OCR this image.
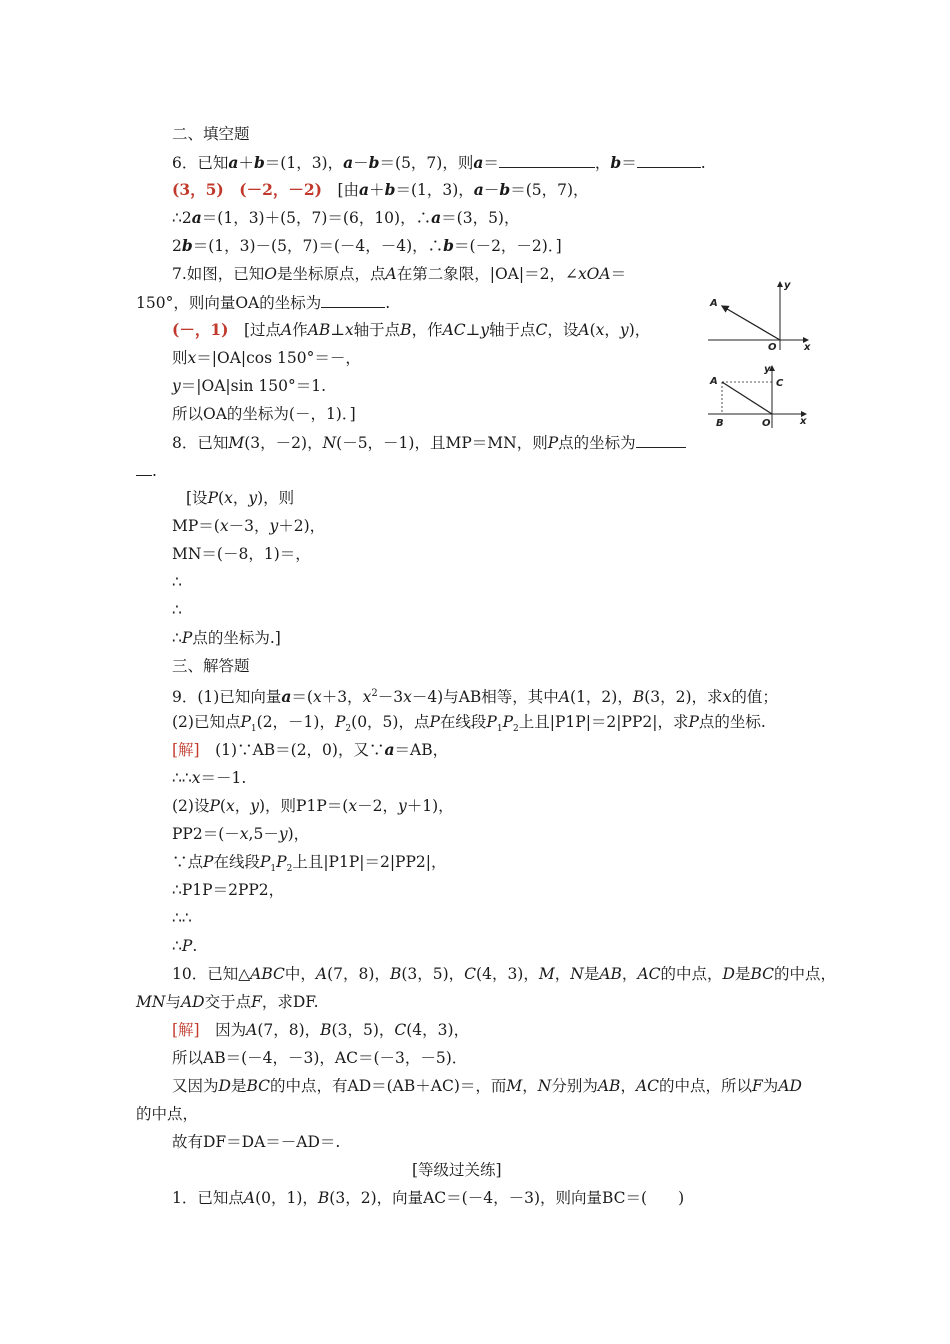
二、填空题
6．已知a＋b＝(1，3)，a－b＝(5，7)，则a＝	，b＝	.
(3，5)　(－2，－2)　[由a＋b＝(1，3)，a－b＝(5，7)，
∴2a＝(1，3)＋(5，7)＝(6，10)，∴a＝(3，5)，
2b＝(1，3)－(5，7)＝(－4，－4)，∴b＝(－2，－2)．]
7.如图，已知O是坐标原点，点A在第二象限，|OA|＝2，∠xOA＝
150°，则向量OA的坐标为	.
(－，1)　[过点A作AB⊥x轴于点B，作AC⊥y轴于点C，设A(x，y)，
则x＝|OA|cos 150°＝－，
y＝|OA|sin 150°＝1.
所以OA的坐标为(－，1)．]
8．已知M(3，－2)，N(－5，－1)，且MP＝MN，则P点的坐标为
.
[设P(x，y)，则
MP＝(x－3，y＋2)，
MN＝(－8，1)＝，
∴
∴
∴P点的坐标为.]
三、解答题
9．(1)已知向量a＝(x＋3，$x^2-3x-4$)与AB相等，其中A(1，2)，B(3，2)，求x的值；
(2)已知点$P_1(2$，－1)，$P_2(0$，5)，点P在线段$P_1P_2$上且|P1P|＝2|PP2|，求P点的坐标.
[解]　(1)∵AB＝(2，0)，又∵a＝AB，
∴∴x＝－1.
(2)设P(x，y)，则P1P＝(x－2，y＋1)，
PP2＝(－x,5－y)，
∵点P在线段$P_1P_2$上且|P1P|＝2|PP2|，
∴P1P＝2PP2，
∴∴
∴P.
10．已知△ABC中，A(7，8)，B(3，5)，C(4，3)，M，N是AB，AC的中点，D是BC的中点，
MN与AD交于点F，求DF.
[解]　因为A(7，8)，B(3，5)，C(4，3)，
所以AB＝(－4，－3)，AC＝(－3，－5)．
又因为D是BC的中点，有AD＝(AB＋AC)＝，而M，N分别为AB，AC的中点，所以F为AD
的中点，
故有DF＝DA＝－AD＝.
[等级过关练]
1．已知点A(0，1)，B(3，2)，向量AC＝(－4，－3)，则向量BC＝(　　)
A
y
O	x
A
y
C
B	O	x
